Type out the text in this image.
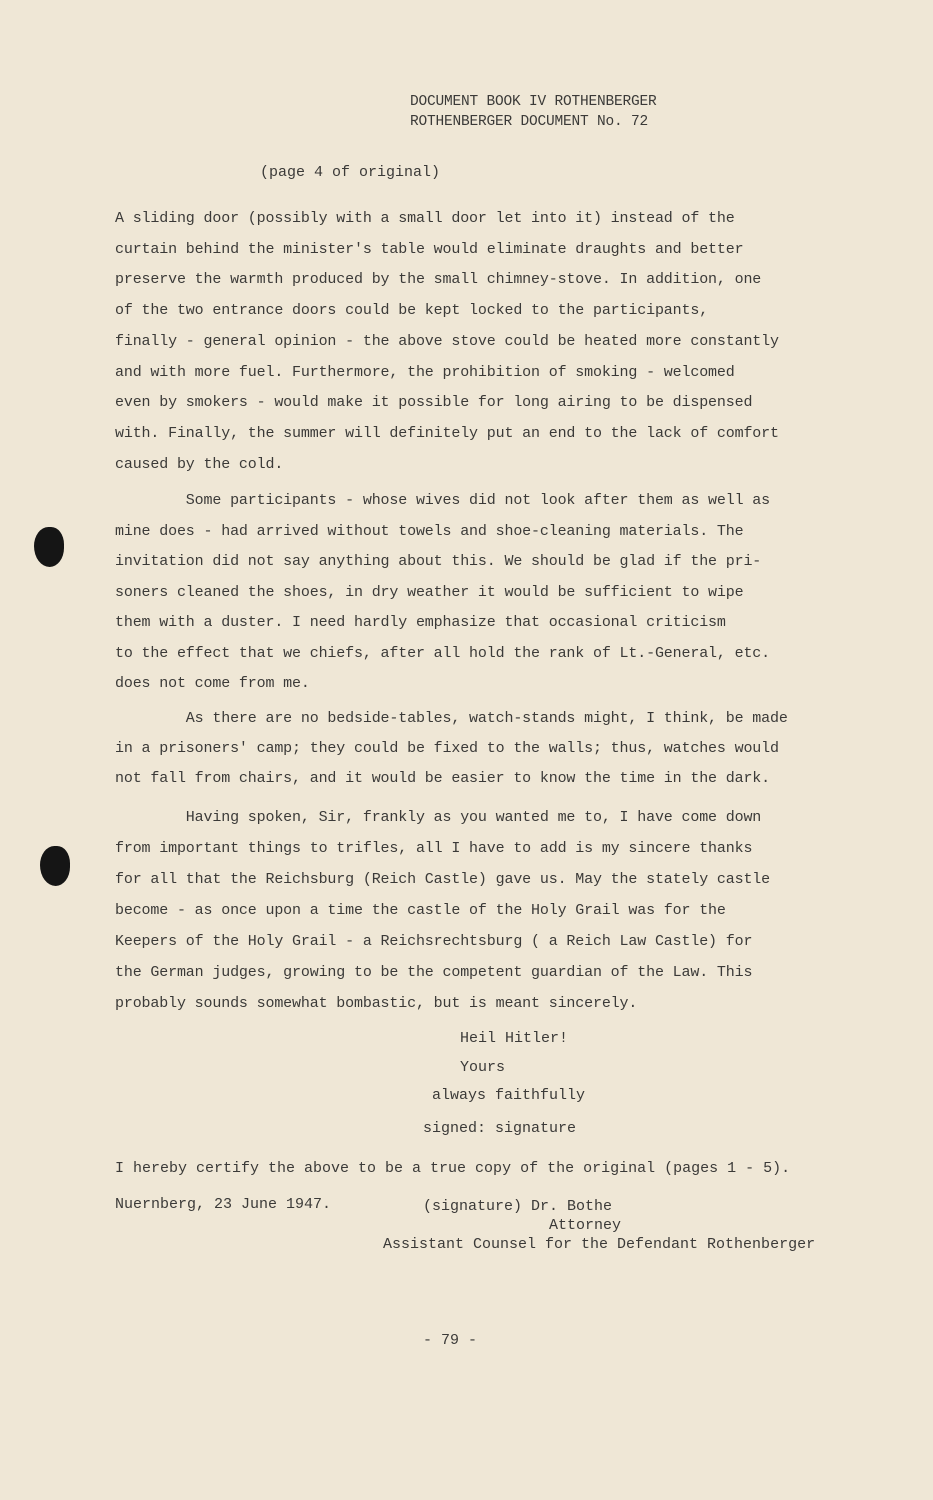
DOCUMENT BOOK IV ROTHENBERGER
ROTHENBERGER DOCUMENT No. 72
(page 4 of original)
A sliding door (possibly with a small door let into it) instead of the
curtain behind the minister's table would eliminate draughts and better
preserve the warmth produced by the small chimney-stove. In addition, one
of the two entrance doors could be kept locked to the participants,
finally - general opinion - the above stove could be heated more constantly
and with more fuel. Furthermore, the prohibition of smoking - welcomed
even by smokers - would make it possible for long airing to be dispensed
with. Finally, the summer will definitely put an end to the lack of comfort
caused by the cold.
Some participants - whose wives did not look after them as well as
mine does - had arrived without towels and shoe-cleaning materials. The
invitation did not say anything about this. We should be glad if the pri-
soners cleaned the shoes, in dry weather it would be sufficient to wipe
them with a duster. I need hardly emphasize that occasional criticism
to the effect that we chiefs, after all hold the rank of Lt.-General, etc.
does not come from me.
As there are no bedside-tables, watch-stands might, I think, be made
in a prisoners' camp; they could be fixed to the walls; thus, watches would
not fall from chairs, and it would be easier to know the time in the dark.
Having spoken, Sir, frankly as you wanted me to, I have come down
from important things to trifles, all I have to add is my sincere thanks
for all that the Reichsburg (Reich Castle) gave us. May the stately castle
become - as once upon a time the castle of the Holy Grail was for the
Keepers of the Holy Grail - a Reichsrechtsburg ( a Reich Law Castle) for
the German judges, growing to be the competent guardian of the Law. This
probably sounds somewhat bombastic, but is meant sincerely.
Heil Hitler!
Yours
always faithfully
signed: signature
I hereby certify the above to be a true copy of the original (pages 1 - 5).
Nuernberg, 23 June 1947.	(signature) Dr. Bothe
Attorney
Assistant Counsel for the Defendant Rothenberger
- 79 -
